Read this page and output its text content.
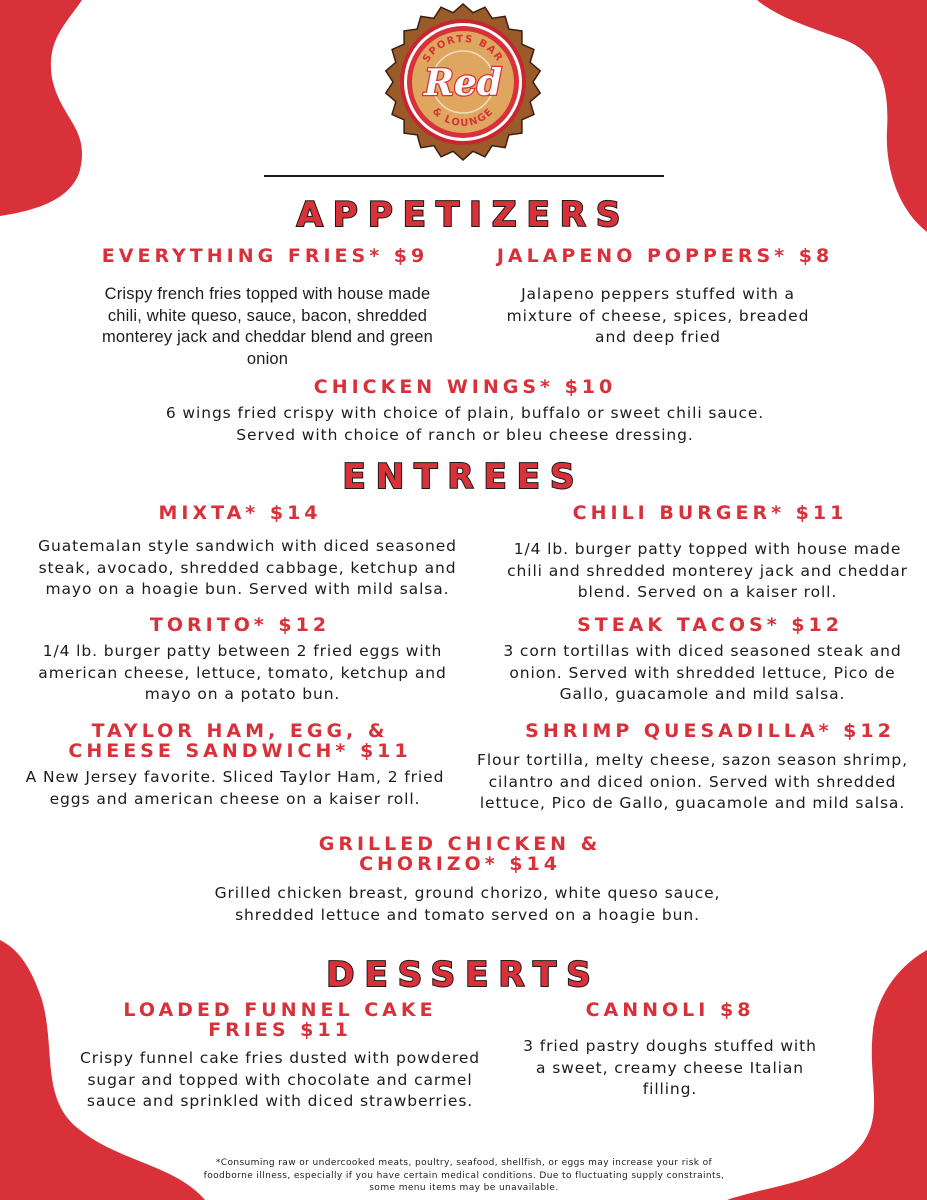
SPORTS BAR
Red
& LOUNGE
APPETIZERS
EVERYTHING FRIES* $9
Crispy french fries topped with house made chili, white queso, sauce, bacon, shredded monterey jack and cheddar blend and green onion
JALAPENO POPPERS* $8
Jalapeno peppers stuffed with a mixture of cheese, spices, breaded and deep fried
CHICKEN WINGS* $10
6 wings fried crispy with choice of plain, buffalo or sweet chili sauce. Served with choice of ranch or bleu cheese dressing.
ENTREES
MIXTA* $14
Guatemalan style sandwich with diced seasoned steak, avocado, shredded cabbage, ketchup and mayo on a hoagie bun. Served with mild salsa.
CHILI BURGER* $11
1/4 lb. burger patty topped with house made chili and shredded monterey jack and cheddar blend. Served on a kaiser roll.
TORITO* $12
1/4 lb. burger patty between 2 fried eggs with american cheese, lettuce, tomato, ketchup and mayo on a potato bun.
STEAK TACOS* $12
3 corn tortillas with diced seasoned steak and onion. Served with shredded lettuce, Pico de Gallo, guacamole and mild salsa.
TAYLOR HAM, EGG, &
CHEESE SANDWICH* $11
A New Jersey favorite. Sliced Taylor Ham, 2 fried eggs and american cheese on a kaiser roll.
SHRIMP QUESADILLA* $12
Flour tortilla, melty cheese, sazon season shrimp, cilantro and diced onion. Served with shredded lettuce, Pico de Gallo, guacamole and mild salsa.
GRILLED CHICKEN &
CHORIZO* $14
Grilled chicken breast, ground chorizo, white queso sauce, shredded lettuce and tomato served on a hoagie bun.
DESSERTS
LOADED FUNNEL CAKE
FRIES $11
Crispy funnel cake fries dusted with powdered sugar and topped with chocolate and carmel sauce and sprinkled with diced strawberries.
CANNOLI $8
3 fried pastry doughs stuffed with a sweet, creamy cheese Italian filling.
*Consuming raw or undercooked meats, poultry, seafood, shellfish, or eggs may increase your risk of foodborne illness, especially if you have certain medical conditions. Due to fluctuating supply constraints, some menu items may be unavailable.
